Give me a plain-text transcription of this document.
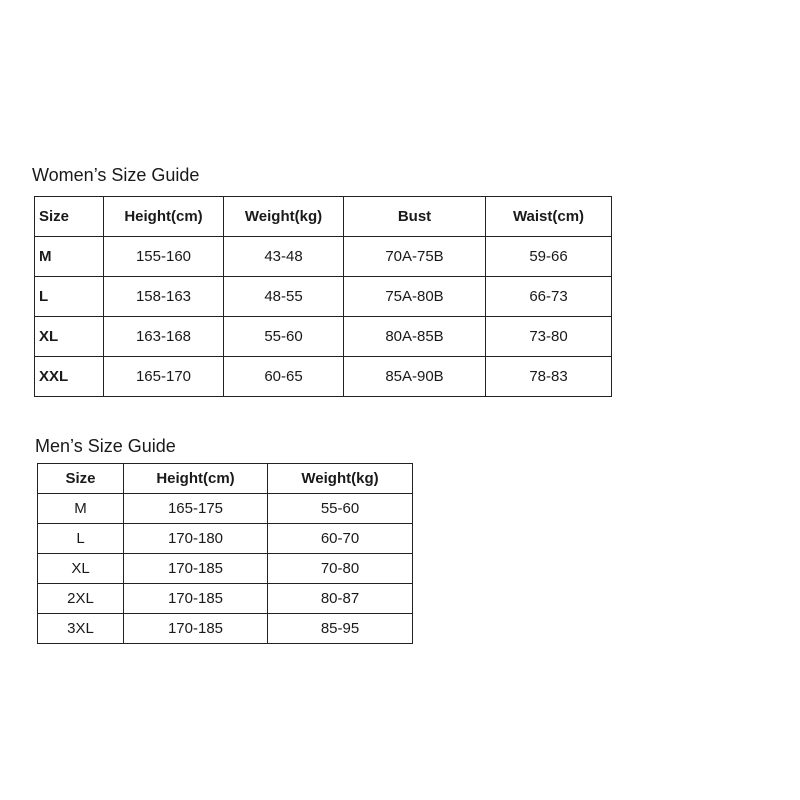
Women’s Size Guide
Size	Height(cm)	Weight(kg)	Bust	Waist(cm)
M	155-160	43-48	70A-75B	59-66
L	158-163	48-55	75A-80B	66-73
XL	163-168	55-60	80A-85B	73-80
XXL	165-170	60-65	85A-90B	78-83
Men’s Size Guide
Size	Height(cm)	Weight(kg)
M	165-175	55-60
L	170-180	60-70
XL	170-185	70-80
2XL	170-185	80-87
3XL	170-185	85-95
